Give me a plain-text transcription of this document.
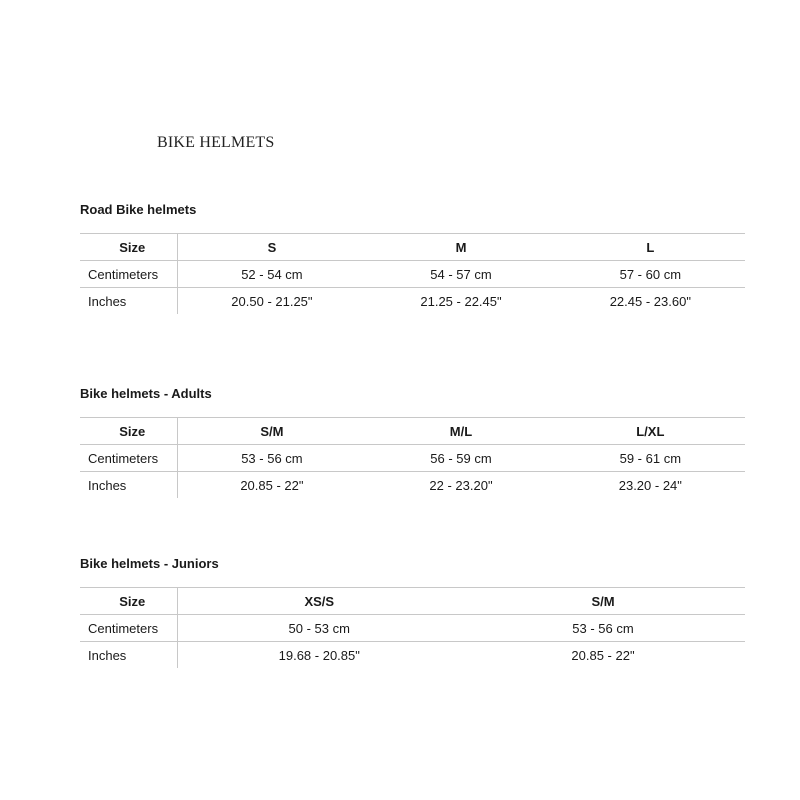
BIKE HELMETS
Road Bike helmets
Size	S	M	L
Centimeters	52 - 54 cm	54 - 57 cm	57 - 60 cm
Inches	20.50 - 21.25"	21.25 - 22.45"	22.45 - 23.60"
Bike helmets - Adults
Size	S/M	M/L	L/XL
Centimeters	53 - 56 cm	56 - 59 cm	59 - 61 cm
Inches	20.85 - 22"	22 - 23.20"	23.20 - 24"
Bike helmets - Juniors
Size	XS/S	S/M
Centimeters	50 - 53 cm	53 - 56 cm
Inches	19.68 - 20.85"	20.85 - 22"
